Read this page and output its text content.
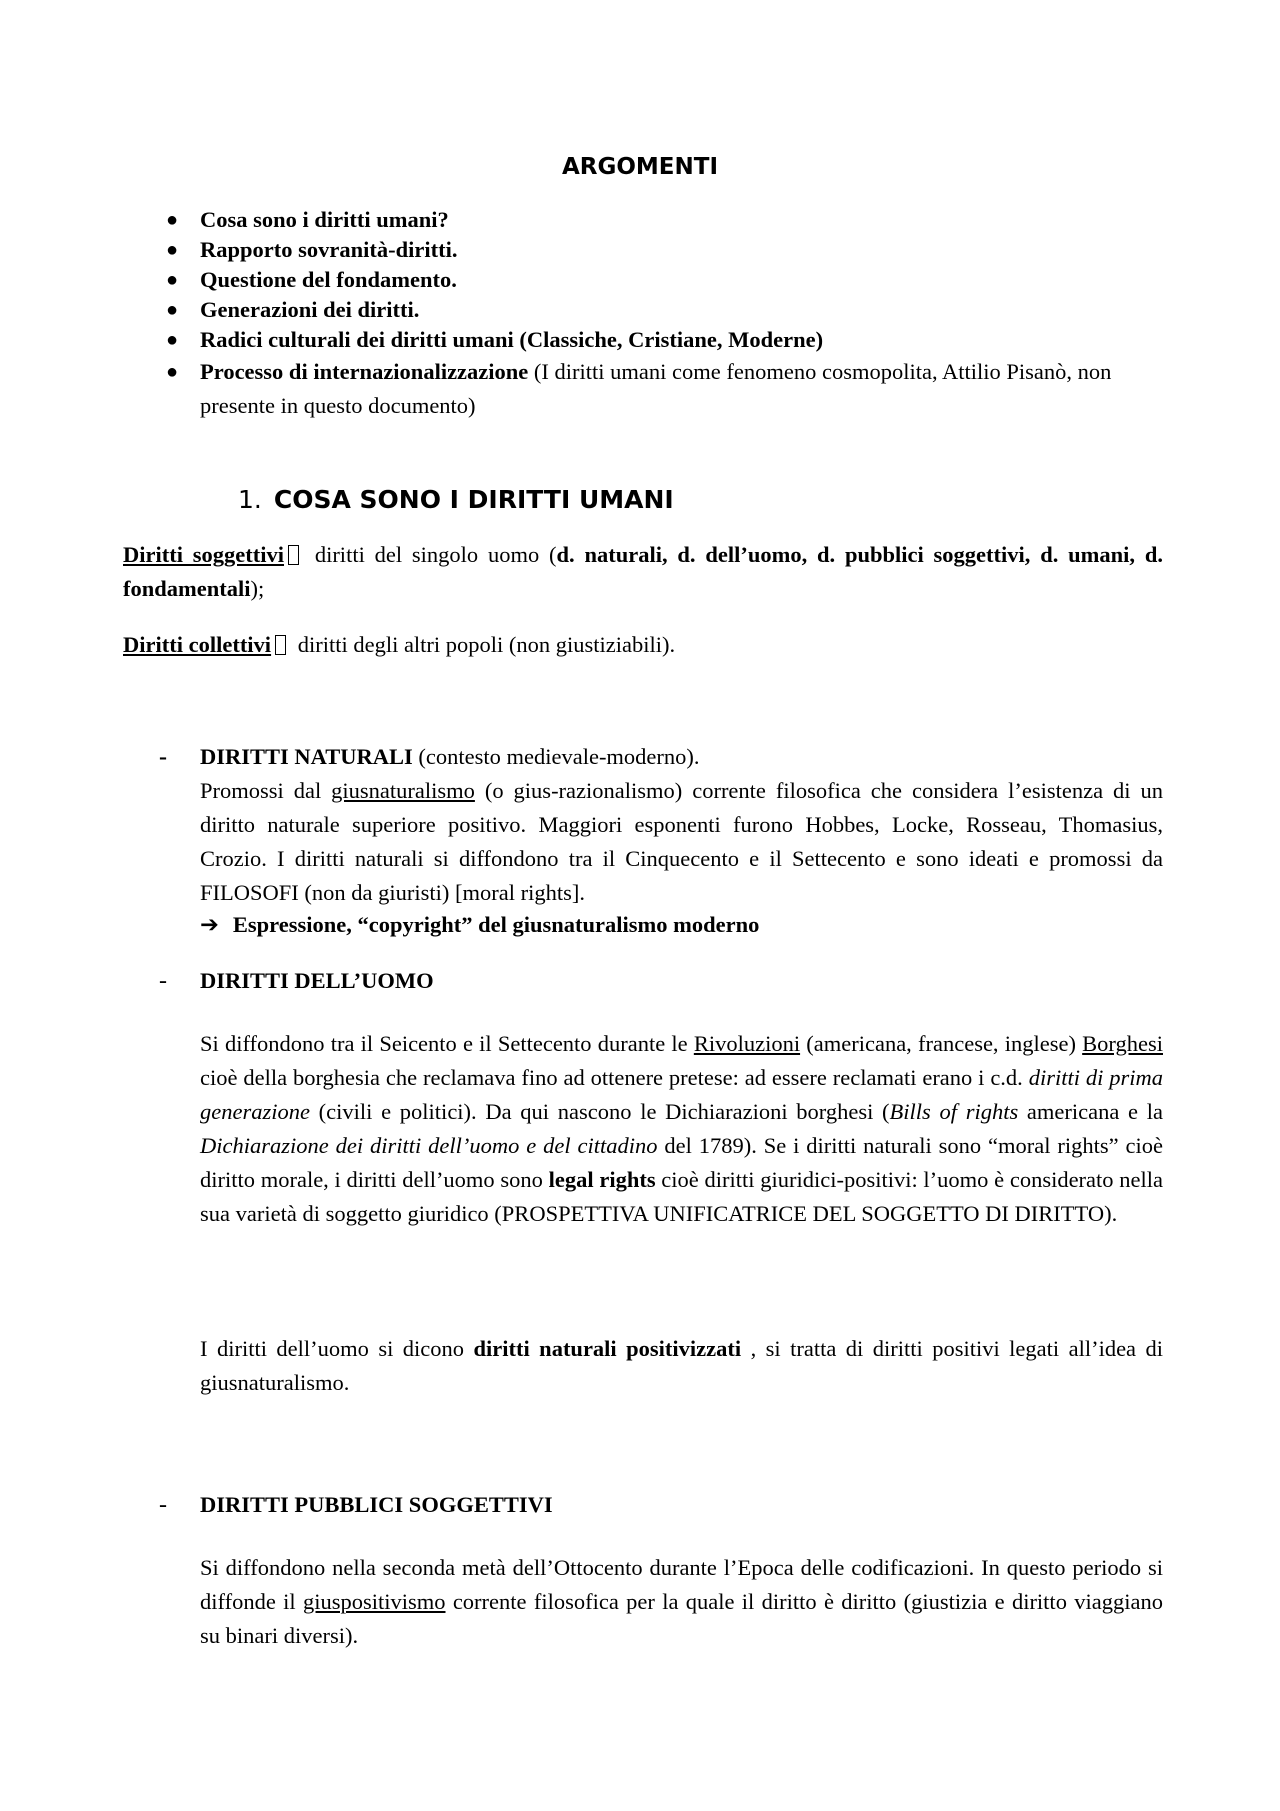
ARGOMENTI
● Cosa sono i diritti umani?
● Rapporto sovranità-diritti.
● Questione del fondamento.
● Generazioni dei diritti.
● Radici culturali dei diritti umani (Classiche, Cristiane, Moderne)
● Processo di internazionalizzazione (I diritti umani come fenomeno cosmopolita, Attilio Pisanò, non presente in questo documento)
1. COSA SONO I DIRITTI UMANI
Diritti soggettivi diritti del singolo uomo (d. naturali, d. dell’uomo, d. pubblici soggettivi, d. umani, d. fondamentali);
Diritti collettivi diritti degli altri popoli (non giustiziabili).
-	DIRITTI NATURALI (contesto medievale-moderno).
Promossi dal giusnaturalismo (o gius-razionalismo) corrente filosofica che considera l’esistenza di un diritto naturale superiore positivo. Maggiori esponenti furono Hobbes, Locke, Rosseau, Thomasius, Crozio. I diritti naturali si diffondono tra il Cinquecento e il Settecento e sono ideati e promossi da FILOSOFI (non da giuristi) [moral rights].
➔ Espressione, “copyright” del giusnaturalismo moderno
-	DIRITTI DELL’UOMO
Si diffondono tra il Seicento e il Settecento durante le Rivoluzioni (americana, francese, inglese) Borghesi cioè della borghesia che reclamava fino ad ottenere pretese: ad essere reclamati erano i c.d. diritti di prima generazione (civili e politici). Da qui nascono le Dichiarazioni borghesi (Bills of rights americana e la Dichiarazione dei diritti dell’uomo e del cittadino del 1789). Se i diritti naturali sono “moral rights” cioè diritto morale, i diritti dell’uomo sono legal rights cioè diritti giuridici-positivi: l’uomo è considerato nella sua varietà di soggetto giuridico (PROSPETTIVA UNIFICATRICE DEL SOGGETTO DI DIRITTO).
I diritti dell’uomo si dicono diritti naturali positivizzati , si tratta di diritti positivi legati all’idea di giusnaturalismo.
-	DIRITTI PUBBLICI SOGGETTIVI
Si diffondono nella seconda metà dell’Ottocento durante l’Epoca delle codificazioni. In questo periodo si diffonde il giuspositivismo corrente filosofica per la quale il diritto è diritto (giustizia e diritto viaggiano su binari diversi).
